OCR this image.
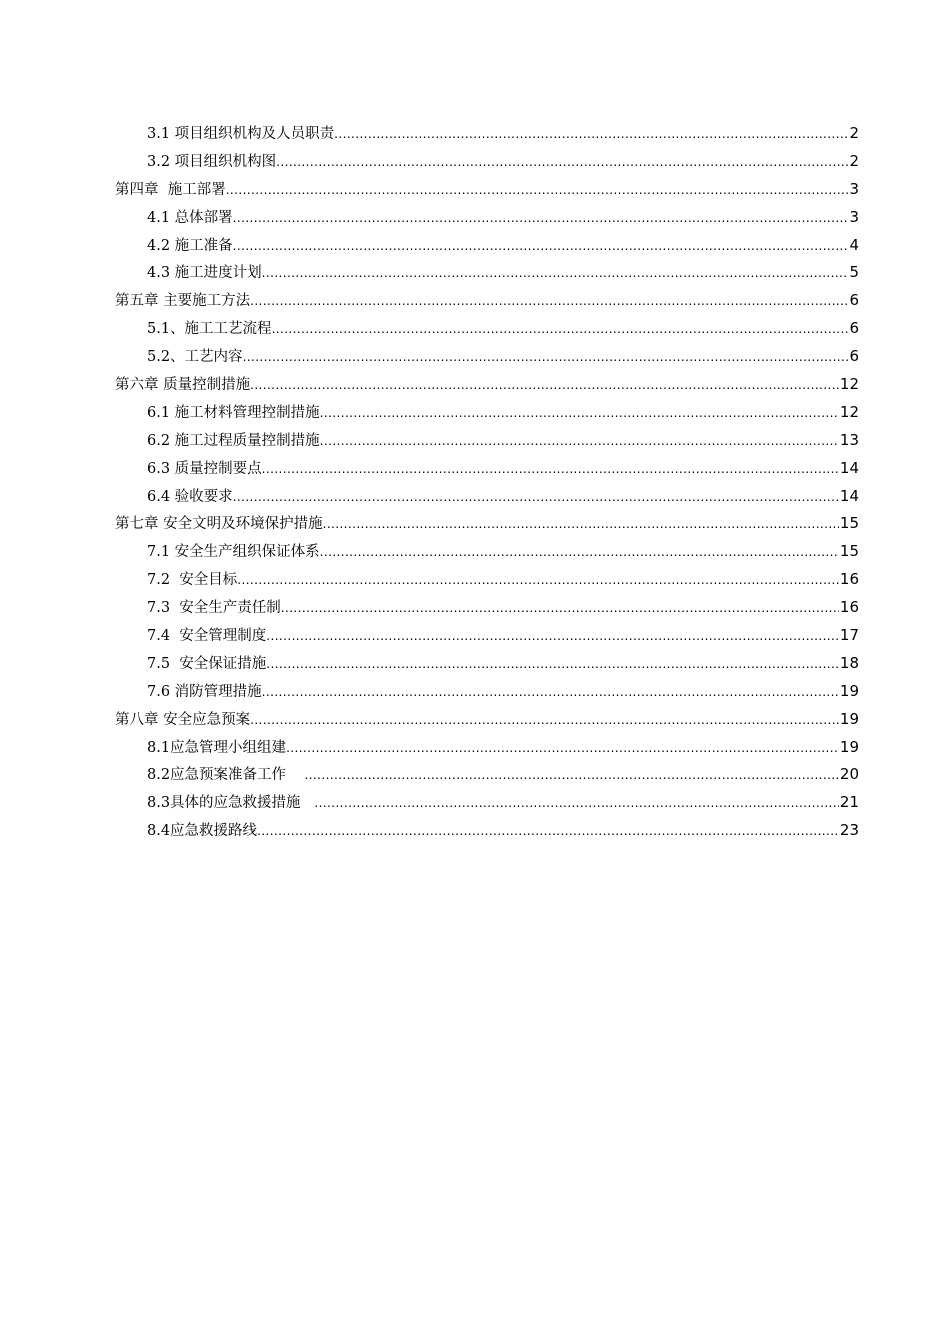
3.1 项目组织机构及人员职责 .....	2
3.2 项目组织机构图 .....	2
第四章  施工部署 .....	3
4.1 总体部署 .....	3
4.2 施工准备 .....	4
4.3 施工进度计划 .....	5
第五章 主要施工方法 .....	6
5.1、施工工艺流程 .....	6
5.2、工艺内容 .....	6
第六章 质量控制措施 .....	12
6.1 施工材料管理控制措施 .....	12
6.2 施工过程质量控制措施 .....	13
6.3 质量控制要点 .....	14
6.4 验收要求 .....	14
第七章 安全文明及环境保护措施 .....	15
7.1 安全生产组织保证体系 .....	15
7.2  安全目标 .....	16
7.3  安全生产责任制 .....	16
7.4  安全管理制度 .....	17
7.5  安全保证措施 .....	18
7.6 消防管理措施 .....	19
第八章 安全应急预案 .....	19
8.1应急管理小组组建 .....	19
8.2应急预案准备工作 .....	20
8.3具体的应急救援措施 .....	21
8.4应急救援路线 .....	23
